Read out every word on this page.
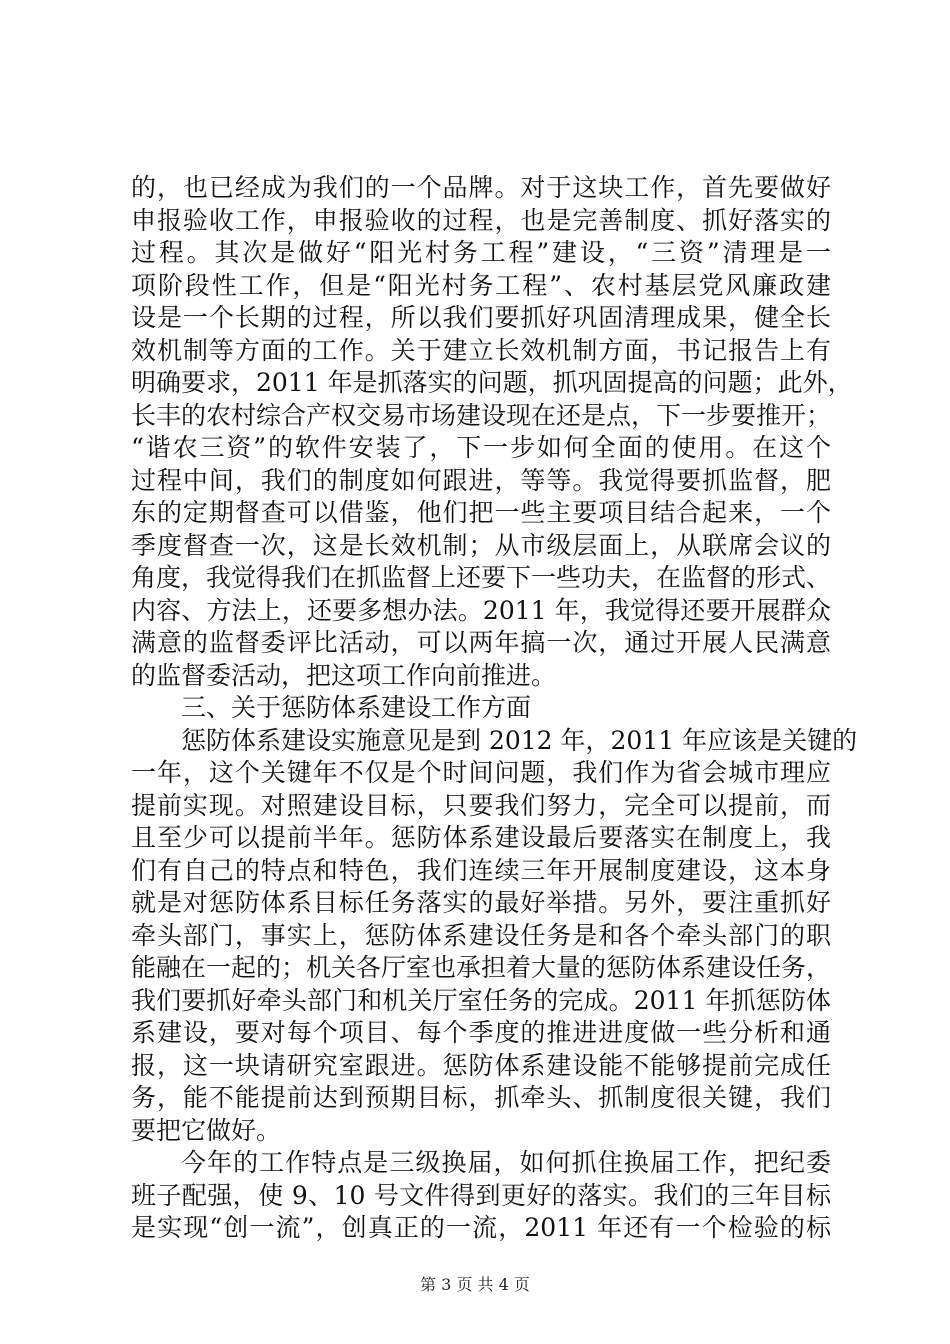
的，也已经成为我们的一个品牌。对于这块工作，首先要做好
申报验收工作，申报验收的过程，也是完善制度、抓好落实的
过程。其次是做好“阳光村务工程”建设，“三资”清理是一
项阶段性工作，但是“阳光村务工程”、农村基层党风廉政建
设是一个长期的过程，所以我们要抓好巩固清理成果，健全长
效机制等方面的工作。关于建立长效机制方面，书记报告上有
明确要求，2011 年是抓落实的问题，抓巩固提高的问题；此外，
长丰的农村综合产权交易市场建设现在还是点，下一步要推开；
“谐农三资”的软件安装了，下一步如何全面的使用。在这个
过程中间，我们的制度如何跟进，等等。我觉得要抓监督，肥
东的定期督查可以借鉴，他们把一些主要项目结合起来，一个
季度督查一次，这是长效机制；从市级层面上，从联席会议的
角度，我觉得我们在抓监督上还要下一些功夫，在监督的形式、
内容、方法上，还要多想办法。2011 年，我觉得还要开展群众
满意的监督委评比活动，可以两年搞一次，通过开展人民满意
的监督委活动，把这项工作向前推进。
三、关于惩防体系建设工作方面
惩防体系建设实施意见是到 2012 年，2011 年应该是关键的
一年，这个关键年不仅是个时间问题，我们作为省会城市理应
提前实现。对照建设目标，只要我们努力，完全可以提前，而
且至少可以提前半年。惩防体系建设最后要落实在制度上，我
们有自己的特点和特色，我们连续三年开展制度建设，这本身
就是对惩防体系目标任务落实的最好举措。另外，要注重抓好
牵头部门，事实上，惩防体系建设任务是和各个牵头部门的职
能融在一起的；机关各厅室也承担着大量的惩防体系建设任务，
我们要抓好牵头部门和机关厅室任务的完成。2011 年抓惩防体
系建设，要对每个项目、每个季度的推进进度做一些分析和通
报，这一块请研究室跟进。惩防体系建设能不能够提前完成任
务，能不能提前达到预期目标，抓牵头、抓制度很关键，我们
要把它做好。
今年的工作特点是三级换届，如何抓住换届工作，把纪委
班子配强，使 9、10 号文件得到更好的落实。我们的三年目标
是实现“创一流”，创真正的一流，2011 年还有一个检验的标
第 3 页 共 4 页
